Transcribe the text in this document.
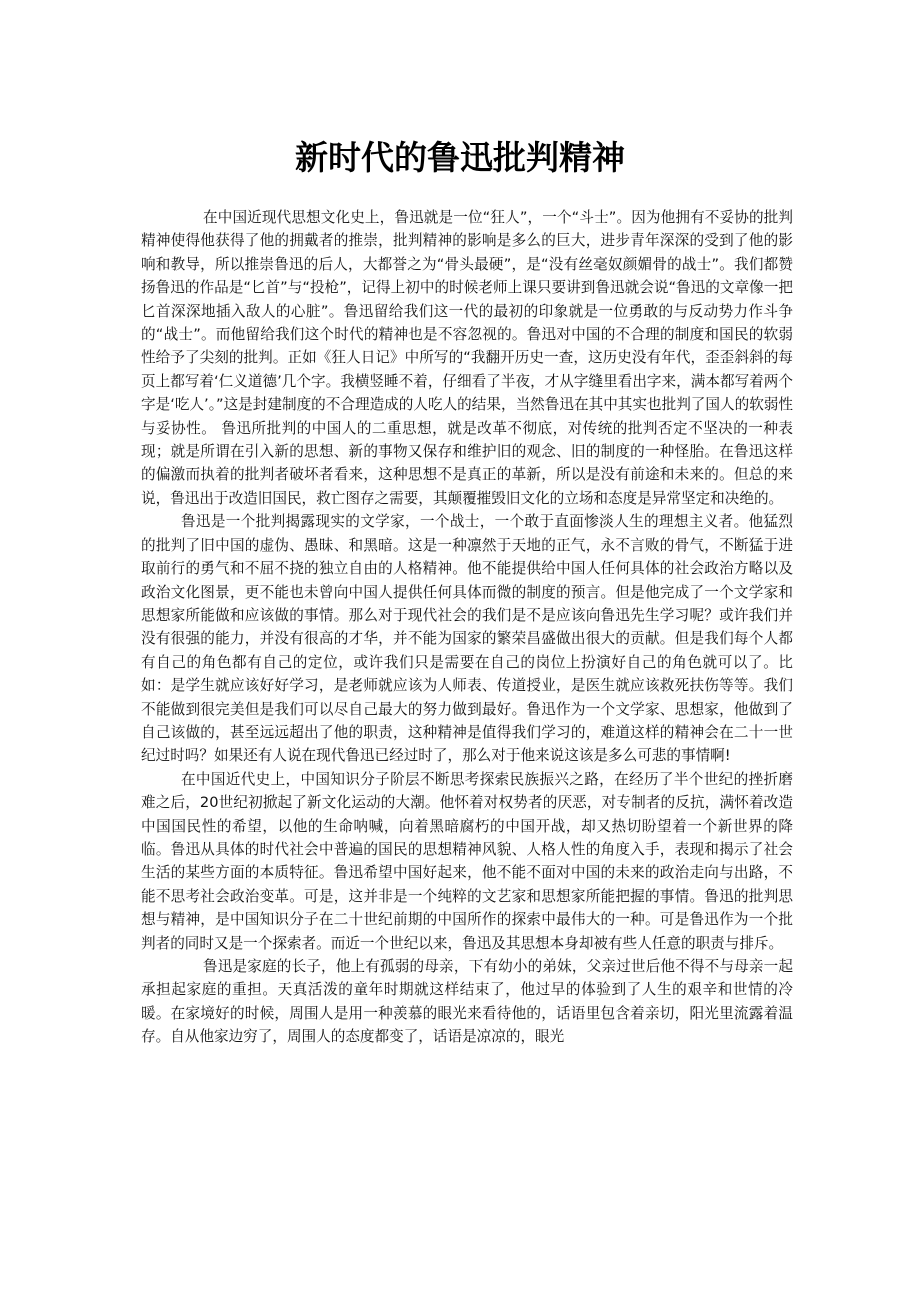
新时代的鲁迅批判精神

在中国近现代思想文化史上，鲁迅就是一位“狂人”，一个“斗士”。因为他拥有不妥协的批判精神使得他获得了他的拥戴者的推崇，批判精神的影响是多么的巨大，进步青年深深的受到了他的影响和教导，所以推崇鲁迅的后人，大都誉之为“骨头最硬”，是“没有丝毫奴颜媚骨的战士”。我们都赞扬鲁迅的作品是“匕首”与“投枪”，记得上初中的时候老师上课只要讲到鲁迅就会说“鲁迅的文章像一把匕首深深地插入敌人的心脏”。鲁迅留给我们这一代的最初的印象就是一位勇敢的与反动势力作斗争的“战士”。而他留给我们这个时代的精神也是不容忽视的。鲁迅对中国的不合理的制度和国民的软弱性给予了尖刻的批判。正如《狂人日记》中所写的“我翻开历史一查，这历史没有年代，歪歪斜斜的每页上都写着‘仁义道德’几个字。我横竖睡不着，仔细看了半夜，才从字缝里看出字来，满本都写着两个字是‘吃人’。”这是封建制度的不合理造成的人吃人的结果，当然鲁迅在其中其实也批判了国人的软弱性与妥协性。 鲁迅所批判的中国人的二重思想，就是改革不彻底，对传统的批判否定不坚决的一种表现；就是所谓在引入新的思想、新的事物又保存和维护旧的观念、旧的制度的一种怪胎。在鲁迅这样的偏激而执着的批判者破坏者看来，这种思想不是真正的革新，所以是没有前途和未来的。但总的来说，鲁迅出于改造旧国民，救亡图存之需要，其颠覆摧毁旧文化的立场和态度是异常坚定和决绝的。

鲁迅是一个批判揭露现实的文学家，一个战士，一个敢于直面惨淡人生的理想主义者。他猛烈的批判了旧中国的虚伪、愚昧、和黑暗。这是一种凛然于天地的正气，永不言败的骨气，不断猛于进取前行的勇气和不屈不挠的独立自由的人格精神。他不能提供给中国人任何具体的社会政治方略以及政治文化图景，更不能也未曾向中国人提供任何具体而微的制度的预言。但是他完成了一个文学家和思想家所能做和应该做的事情。那么对于现代社会的我们是不是应该向鲁迅先生学习呢？或许我们并没有很强的能力，并没有很高的才华，并不能为国家的繁荣昌盛做出很大的贡献。但是我们每个人都有自己的角色都有自己的定位，或许我们只是需要在自己的岗位上扮演好自己的角色就可以了。比如：是学生就应该好好学习，是老师就应该为人师表、传道授业，是医生就应该救死扶伤等等。我们不能做到很完美但是我们可以尽自己最大的努力做到最好。鲁迅作为一个文学家、思想家，他做到了自己该做的，甚至远远超出了他的职责，这种精神是值得我们学习的，难道这样的精神会在二十一世纪过时吗？如果还有人说在现代鲁迅已经过时了，那么对于他来说这该是多么可悲的事情啊!

在中国近代史上，中国知识分子阶层不断思考探索民族振兴之路，在经历了半个世纪的挫折磨难之后，20世纪初掀起了新文化运动的大潮。他怀着对权势者的厌恶，对专制者的反抗，满怀着改造中国国民性的希望，以他的生命呐喊，向着黑暗腐朽的中国开战，却又热切盼望着一个新世界的降临。鲁迅从具体的时代社会中普遍的国民的思想精神风貌、人格人性的角度入手，表现和揭示了社会生活的某些方面的本质特征。鲁迅希望中国好起来，他不能不面对中国的未来的政治走向与出路，不能不思考社会政治变革。可是，这并非是一个纯粹的文艺家和思想家所能把握的事情。鲁迅的批判思想与精神，是中国知识分子在二十世纪前期的中国所作的探索中最伟大的一种。可是鲁迅作为一个批判者的同时又是一个探索者。而近一个世纪以来，鲁迅及其思想本身却被有些人任意的职责与排斥。

鲁迅是家庭的长子，他上有孤弱的母亲，下有幼小的弟妹，父亲过世后他不得不与母亲一起承担起家庭的重担。天真活泼的童年时期就这样结束了，他过早的体验到了人生的艰辛和世情的冷暖。在家境好的时候，周围人是用一种羡慕的眼光来看待他的，话语里包含着亲切，阳光里流露着温存。自从他家边穷了，周围人的态度都变了，话语是凉凉的，眼光
